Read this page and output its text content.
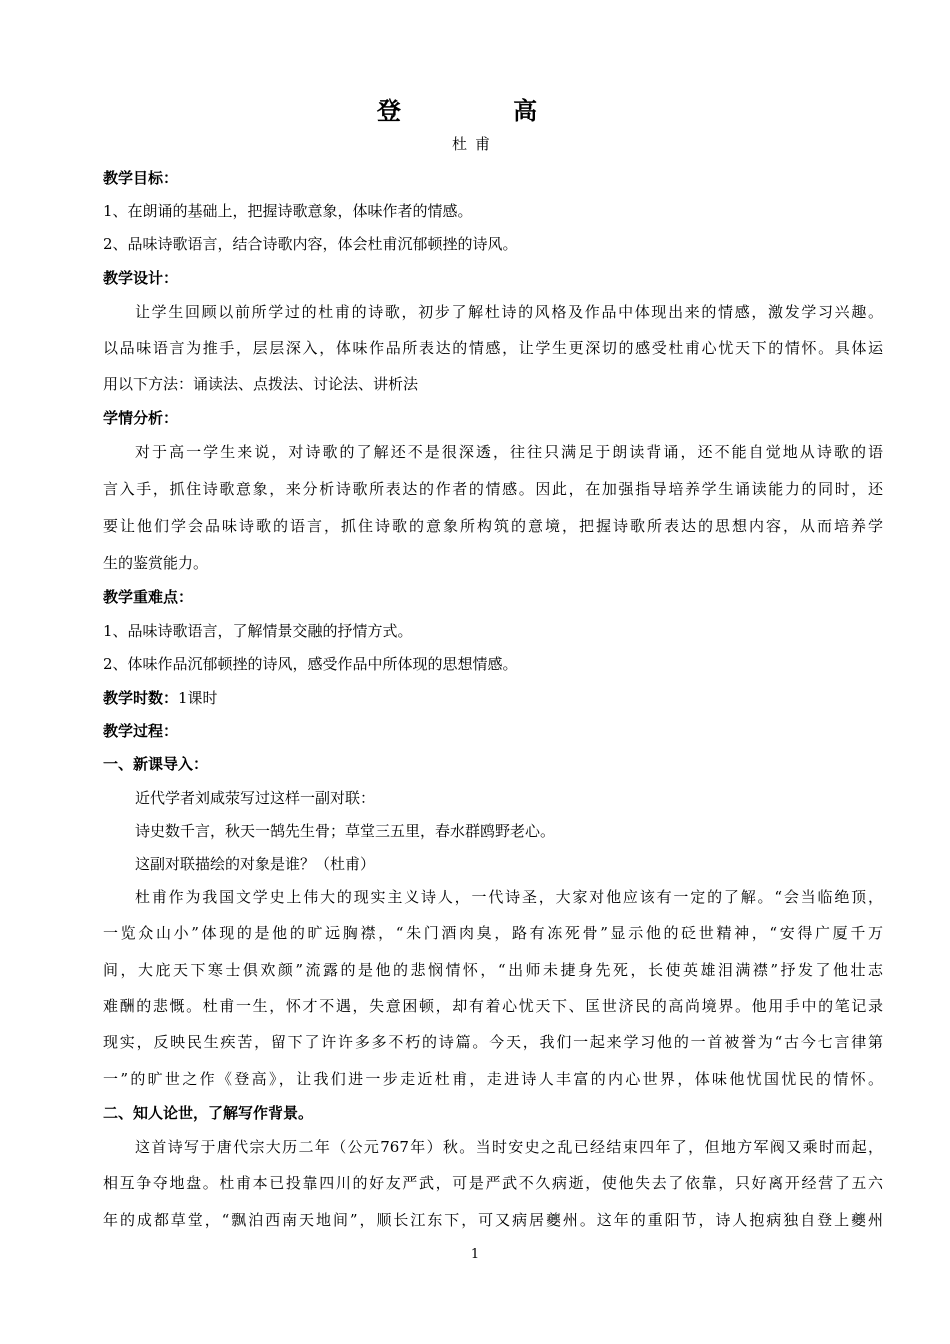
登 高
杜甫
教学目标：
1、在朗诵的基础上，把握诗歌意象，体味作者的情感。
2、品味诗歌语言，结合诗歌内容，体会杜甫沉郁顿挫的诗风。
教学设计：
让学生回顾以前所学过的杜甫的诗歌，初步了解杜诗的风格及作品中体现出来的情感，激发学习兴趣。
以品味语言为推手，层层深入，体味作品所表达的情感，让学生更深切的感受杜甫心忧天下的情怀。具体运
用以下方法：诵读法、点拨法、讨论法、讲析法
学情分析：
对于高一学生来说，对诗歌的了解还不是很深透，往往只满足于朗读背诵，还不能自觉地从诗歌的语
言入手，抓住诗歌意象，来分析诗歌所表达的作者的情感。因此，在加强指导培养学生诵读能力的同时，还
要让他们学会品味诗歌的语言，抓住诗歌的意象所构筑的意境，把握诗歌所表达的思想内容，从而培养学
生的鉴赏能力。
教学重难点：
1、品味诗歌语言，了解情景交融的抒情方式。
2、体味作品沉郁顿挫的诗风，感受作品中所体现的思想情感。
教学时数：1课时
教学过程：
一、新课导入：
近代学者刘咸荥写过这样一副对联：
诗史数千言，秋天一鹄先生骨；草堂三五里，春水群鸥野老心。
这副对联描绘的对象是谁？（杜甫）
杜甫作为我国文学史上伟大的现实主义诗人，一代诗圣，大家对他应该有一定的了解。“会当临绝顶，
一览众山小”体现的是他的旷远胸襟，“朱门酒肉臭，路有冻死骨”显示他的砭世精神，“安得广厦千万
间，大庇天下寒士俱欢颜”流露的是他的悲悯情怀，“出师未捷身先死，长使英雄泪满襟”抒发了他壮志
难酬的悲慨。杜甫一生，怀才不遇，失意困顿，却有着心忧天下、匡世济民的高尚境界。他用手中的笔记录
现实，反映民生疾苦，留下了许许多多不朽的诗篇。今天，我们一起来学习他的一首被誉为“古今七言律第
一”的旷世之作《登高》，让我们进一步走近杜甫，走进诗人丰富的内心世界，体味他忧国忧民的情怀。
二、知人论世，了解写作背景。
这首诗写于唐代宗大历二年（公元767年）秋。当时安史之乱已经结束四年了，但地方军阀又乘时而起，
相互争夺地盘。杜甫本已投靠四川的好友严武，可是严武不久病逝，使他失去了依靠，只好离开经营了五六
年的成都草堂，“飘泊西南天地间”，顺长江东下，可又病居夔州。这年的重阳节，诗人抱病独自登上夔州
1
